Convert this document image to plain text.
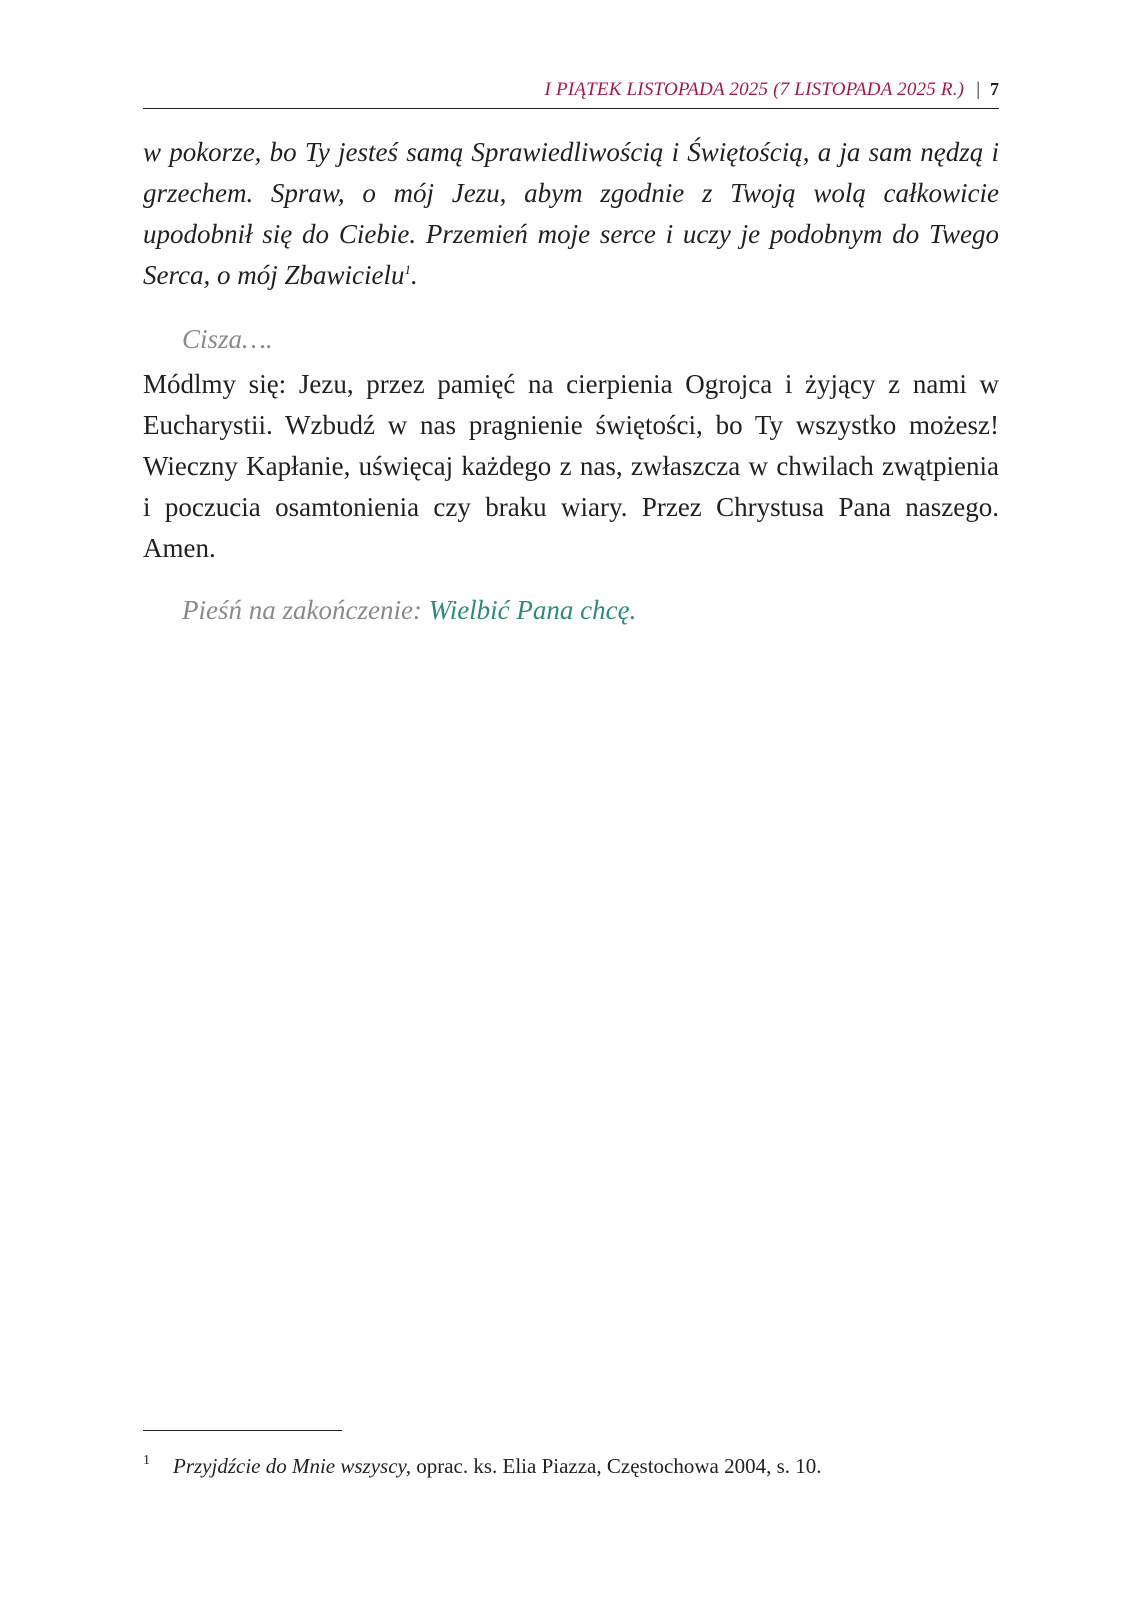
I PIĄTEK LISTOPADA 2025 (7 LISTOPADA 2025 R.) | 7
w pokorze, bo Ty jesteś samą Sprawiedliwością i Świętością, a ja sam nędzą i grzechem. Spraw, o mój Jezu, abym zgodnie z Twoją wolą całkowicie upodobnił się do Ciebie. Przemień moje serce i uczy je podobnym do Twego Serca, o mój Zbawicielu$^1$.
Cisza….
Módlmy się: Jezu, przez pamięć na cierpienia Ogrojca i żyjący z nami w Eucharystii. Wzbudź w nas pragnienie świętości, bo Ty wszystko możesz! Wieczny Kapłanie, uświęcaj każdego z nas, zwłaszcza w chwilach zwątpienia i poczucia osamtonienia czy braku wiary. Przez Chrystusa Pana naszego. Amen.
Pieśń na zakończenie: Wielbić Pana chcę.
1 Przyjdźcie do Mnie wszyscy, oprac. ks. Elia Piazza, Częstochowa 2004, s. 10.
